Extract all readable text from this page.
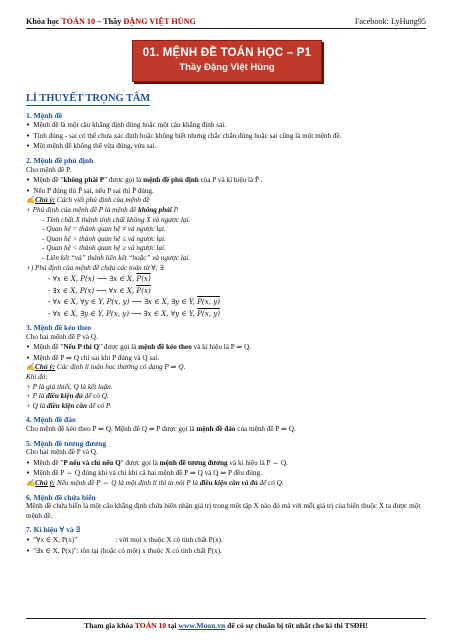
Khóa học TOÁN 10 – Thầy ĐẶNG VIỆT HÙNG	Facebook: LyHung95
01. MỆNH ĐỀ TOÁN HỌC – P1
Thầy Đặng Việt Hùng
LÍ THUYẾT TRỌNG TÂM
1. Mệnh đề
• Mệnh đề là một câu khẳng định đúng hoặc một câu khẳng định sai.
• Tính đúng - sai có thể chưa xác định hoặc không biết nhưng chắc chắn đúng hoặc sai cũng là một mệnh đề.
• Một mệnh đề không thể vừa đúng, vừa sai.
2. Mệnh đề phủ định
Cho mệnh đề P.
• Mệnh đề "không phải P" được gọi là mệnh đề phủ định của P và kí hiệu là P̄ .
• Nếu P đúng thì P̄ sai, nếu P sai thì P̄ đúng.
✍Chú ý: Cách viết phủ định của mệnh đề
+ Phủ định của mệnh đề P là mệnh đề không phải P.
- Tính chất X thành tính chất không X và ngược lại.
- Quan hệ = thành quan hệ ≠ và ngược lại.
- Quan hệ > thành quan hệ ≤ và ngược lại.
- Quan hệ < thành quan hệ ≥ và ngược lại.
- Liên kết “và” thành liên kết “hoặc” và ngược lại.
+) Phủ định của mệnh đề chứa các toán tử ∀; ∃
- ∀x ∈ X, P(x) ⟶ ∃x ∈ X, P(x)
- ∃x ∈ X, P(x) ⟶ ∀x ∈ X, P(x)
- ∀x ∈ X, ∀y ∈ Y, P(x, y) ⟶ ∃x ∈ X, ∃y ∈ Y, P(x, y)
- ∀x ∈ X, ∃y ∈ Y, P(x, y) ⟶ ∃x ∈ X, ∀y ∈ Y, P(x, y)
3. Mệnh đề kéo theo
Cho hai mệnh đề P và Q.
• Mệnh đề "Nếu P thì Q" được gọi là mệnh đề kéo theo và kí hiệu là P ⇒ Q.
• Mệnh đề P ⇒ Q chỉ sai khi P đúng và Q sai.
✍Chú ý: Các định lí toán học thường có dạng P ⇒ Q.
Khi đó:
+ P là giả thiết, Q là kết luận.
+ P là điều kiện đủ để có Q.
+ Q là điều kiện cần để có P.
4. Mệnh đề đảo
Cho mệnh đề kéo theo P ⇒ Q. Mệnh đề Q ⇒ P được gọi là mệnh đề đảo của mệnh đề P ⇒ Q.
5. Mệnh đề tương đương
Cho hai mệnh đề P và Q.
• Mệnh đề "P nếu và chỉ nếu Q" được gọi là mệnh đề tương đương và kí hiệu là P ⇔ Q.
• Mệnh đề P ⇔ Q đúng khi và chỉ khi cả hai mệnh đề P ⇒ Q và Q ⇒ P đều đúng.
✍Chú ý: Nếu mệnh đề P ⇔ Q là một định lí thì ta nói P là điều kiện cần và đủ để có Q.
6. Mệnh đề chứa biến
Mệnh đề chứa biến là một câu khẳng định chứa biến nhận giá trị trong một tập X nào đó mà với mỗi giá trị của biến thuộc X ta được một mệnh đề.
7. Kí hiệu ∀ và ∃
• "∀x ∈ X, P(x)"	: với mọi x thuộc X có tính chất P(x).
• "∃x ∈ X, P(x)": tồn tại (hoặc có một) x thuộc X có tính chất P(x).
Tham gia khóa TOÁN 10 tại www.Moon.vn để có sự chuẩn bị tốt nhất cho kì thi TSĐH!
